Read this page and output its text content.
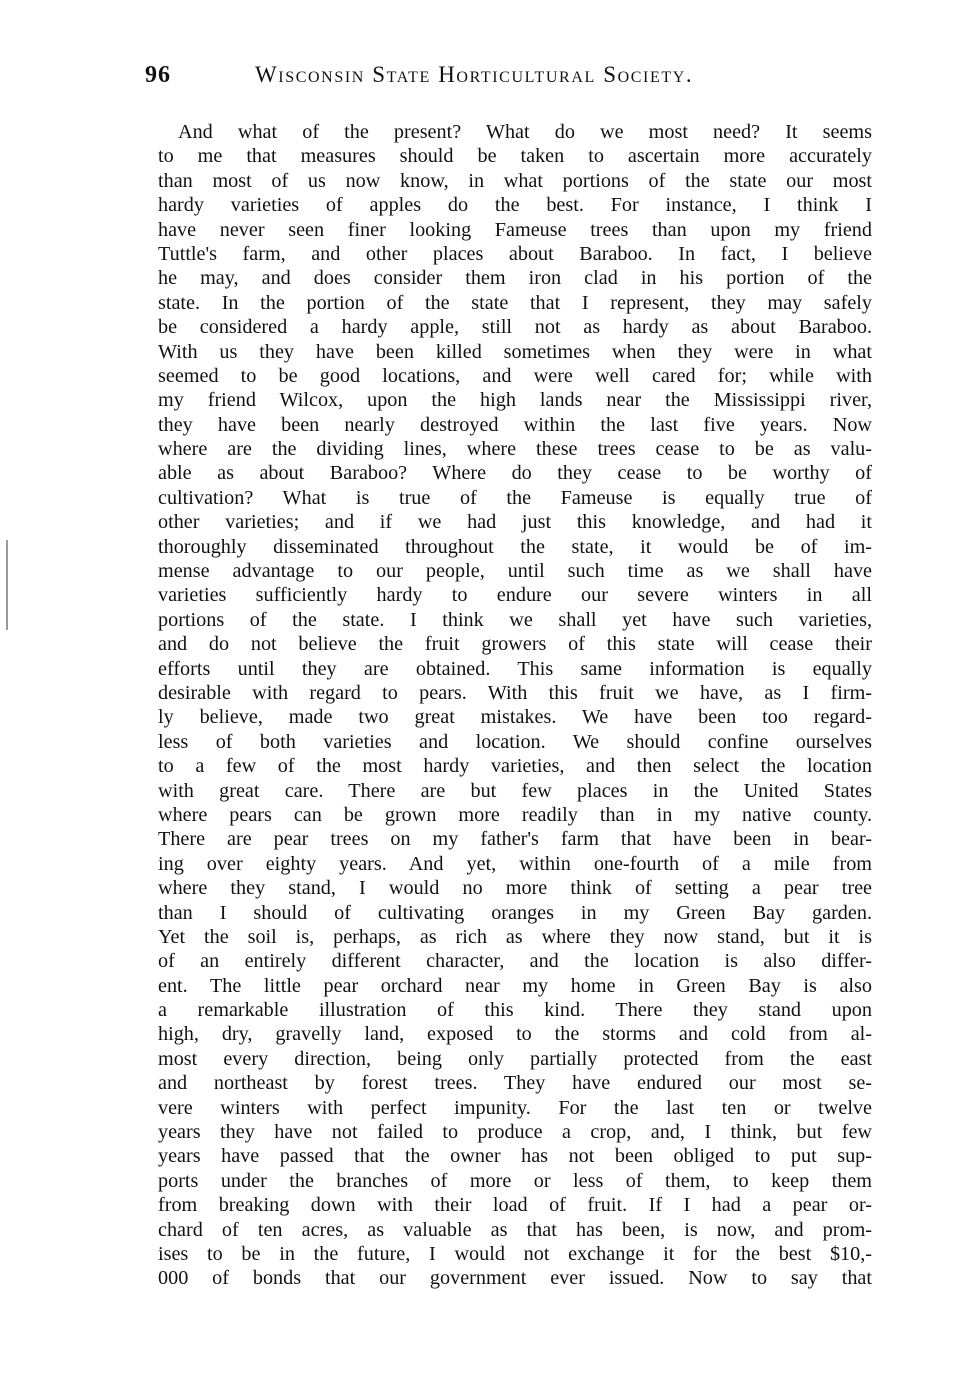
96	Wisconsin State Horticultural Society.
And what of the present? What do we most need? It seems
to me that measures should be taken to ascertain more accurately
than most of us now know, in what portions of the state our most
hardy varieties of apples do the best. For instance, I think I
have never seen finer looking Fameuse trees than upon my friend
Tuttle's farm, and other places about Baraboo. In fact, I believe
he may, and does consider them iron clad in his portion of the
state. In the portion of the state that I represent, they may safely
be considered a hardy apple, still not as hardy as about Baraboo.
With us they have been killed sometimes when they were in what
seemed to be good locations, and were well cared for; while with
my friend Wilcox, upon the high lands near the Mississippi river,
they have been nearly destroyed within the last five years. Now
where are the dividing lines, where these trees cease to be as valu-
able as about Baraboo? Where do they cease to be worthy of
cultivation? What is true of the Fameuse is equally true of
other varieties; and if we had just this knowledge, and had it
thoroughly disseminated throughout the state, it would be of im-
mense advantage to our people, until such time as we shall have
varieties sufficiently hardy to endure our severe winters in all
portions of the state. I think we shall yet have such varieties,
and do not believe the fruit growers of this state will cease their
efforts until they are obtained. This same information is equally
desirable with regard to pears. With this fruit we have, as I firm-
ly believe, made two great mistakes. We have been too regard-
less of both varieties and location. We should confine ourselves
to a few of the most hardy varieties, and then select the location
with great care. There are but few places in the United States
where pears can be grown more readily than in my native county.
There are pear trees on my father's farm that have been in bear-
ing over eighty years. And yet, within one-fourth of a mile from
where they stand, I would no more think of setting a pear tree
than I should of cultivating oranges in my Green Bay garden.
Yet the soil is, perhaps, as rich as where they now stand, but it is
of an entirely different character, and the location is also differ-
ent. The little pear orchard near my home in Green Bay is also
a remarkable illustration of this kind. There they stand upon
high, dry, gravelly land, exposed to the storms and cold from al-
most every direction, being only partially protected from the east
and northeast by forest trees. They have endured our most se-
vere winters with perfect impunity. For the last ten or twelve
years they have not failed to produce a crop, and, I think, but few
years have passed that the owner has not been obliged to put sup-
ports under the branches of more or less of them, to keep them
from breaking down with their load of fruit. If I had a pear or-
chard of ten acres, as valuable as that has been, is now, and prom-
ises to be in the future, I would not exchange it for the best $10,-
000 of bonds that our government ever issued. Now to say that
